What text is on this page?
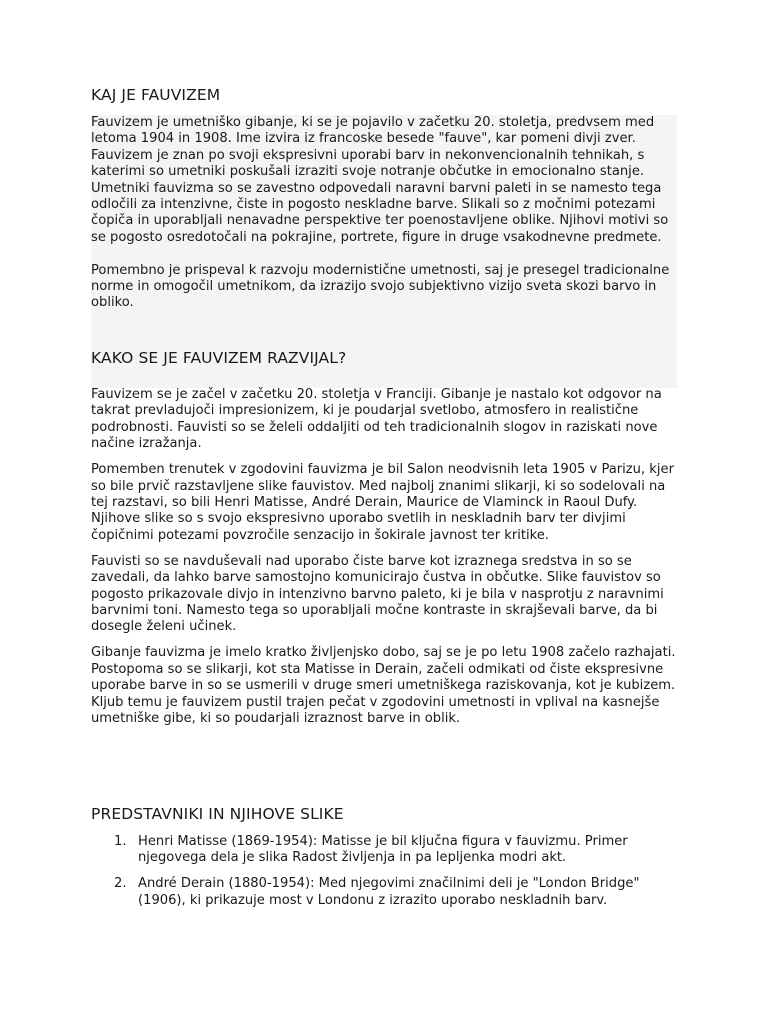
KAJ JE FAUVIZEM

Fauvizem je umetniško gibanje, ki se je pojavilo v začetku 20. stoletja, predvsem med letoma 1904 in 1908. Ime izvira iz francoske besede "fauve", kar pomeni divji zver. Fauvizem je znan po svoji ekspresivni uporabi barv in nekonvencionalnih tehnikah, s katerimi so umetniki poskušali izraziti svoje notranje občutke in emocionalno stanje.

Umetniki fauvizma so se zavestno odpovedali naravni barvni paleti in se namesto tega odločili za intenzivne, čiste in pogosto neskladne barve. Slikali so z močnimi potezami čopiča in uporabljali nenavadne perspektive ter poenostavljene oblike. Njihovi motivi so se pogosto osredotočali na pokrajine, portrete, figure in druge vsakodnevne predmete.

Pomembno je prispeval k razvoju modernistične umetnosti, saj je presegel tradicionalne norme in omogočil umetnikom, da izrazijo svojo subjektivno vizijo sveta skozi barvo in obliko.

KAKO SE JE FAUVIZEM RAZVIJAL?

Fauvizem se je začel v začetku 20. stoletja v Franciji. Gibanje je nastalo kot odgovor na takrat prevladujoči impresionizem, ki je poudarjal svetlobo, atmosfero in realistične podrobnosti. Fauvisti so se želeli oddaljiti od teh tradicionalnih slogov in raziskati nove načine izražanja.

Pomemben trenutek v zgodovini fauvizma je bil Salon neodvisnih leta 1905 v Parizu, kjer so bile prvič razstavljene slike fauvistov. Med najbolj znanimi slikarji, ki so sodelovali na tej razstavi, so bili Henri Matisse, André Derain, Maurice de Vlaminck in Raoul Dufy. Njihove slike so s svojo ekspresivno uporabo svetlih in neskladnih barv ter divjimi čopičnimi potezami povzročile senzacijo in šokirale javnost ter kritike.

Fauvisti so se navduševali nad uporabo čiste barve kot izraznega sredstva in so se zavedali, da lahko barve samostojno komunicirajo čustva in občutke. Slike fauvistov so pogosto prikazovale divjo in intenzivno barvno paleto, ki je bila v nasprotju z naravnimi barvnimi toni. Namesto tega so uporabljali močne kontraste in skrajševali barve, da bi dosegle želeni učinek.

Gibanje fauvizma je imelo kratko življenjsko dobo, saj se je po letu 1908 začelo razhajati. Postopoma so se slikarji, kot sta Matisse in Derain, začeli odmikati od čiste ekspresivne uporabe barve in so se usmerili v druge smeri umetniškega raziskovanja, kot je kubizem. Kljub temu je fauvizem pustil trajen pečat v zgodovini umetnosti in vplival na kasnejše umetniške gibe, ki so poudarjali izraznost barve in oblik.

PREDSTAVNIKI IN NJIHOVE SLIKE
1. Henri Matisse (1869-1954): Matisse je bil ključna figura v fauvizmu. Primer njegovega dela je slika Radost življenja in pa lepljenka modri akt.

2. André Derain (1880-1954): Med njegovimi značilnimi deli je "London Bridge" (1906), ki prikazuje most v Londonu z izrazito uporabo neskladnih barv.
